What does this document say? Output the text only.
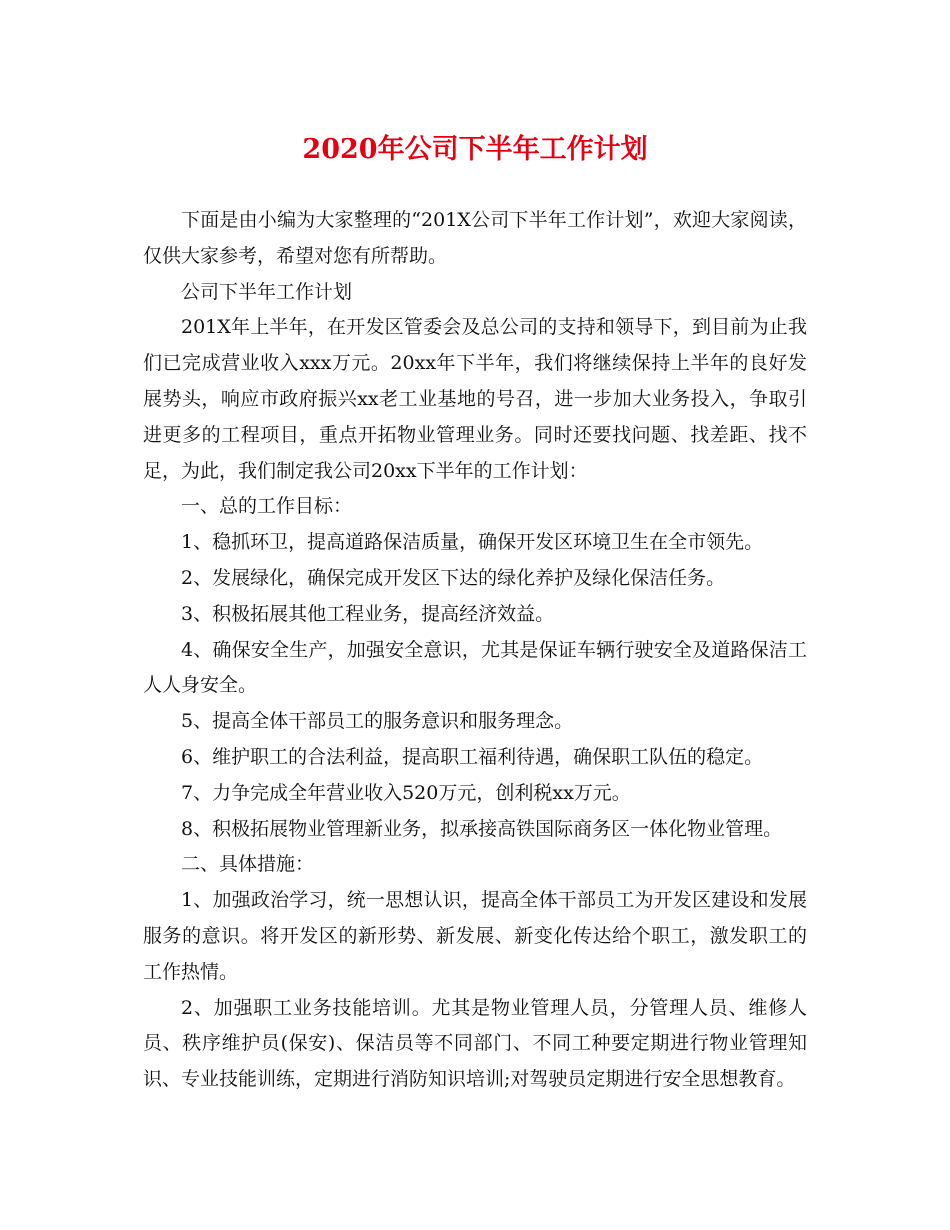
2020年公司下半年工作计划

下面是由小编为大家整理的“201X公司下半年工作计划”，欢迎大家阅读，仅供大家参考，希望对您有所帮助。

公司下半年工作计划

201X年上半年，在开发区管委会及总公司的支持和领导下，到目前为止我们已完成营业收入xxx万元。20xx年下半年，我们将继续保持上半年的良好发展势头，响应市政府振兴xx老工业基地的号召，进一步加大业务投入，争取引进更多的工程项目，重点开拓物业管理业务。同时还要找问题、找差距、找不足，为此，我们制定我公司20xx下半年的工作计划：

一、总的工作目标：

1、稳抓环卫，提高道路保洁质量，确保开发区环境卫生在全市领先。

2、发展绿化，确保完成开发区下达的绿化养护及绿化保洁任务。

3、积极拓展其他工程业务，提高经济效益。

4、确保安全生产，加强安全意识，尤其是保证车辆行驶安全及道路保洁工人人身安全。

5、提高全体干部员工的服务意识和服务理念。

6、维护职工的合法利益，提高职工福利待遇，确保职工队伍的稳定。

7、力争完成全年营业收入520万元，创利税xx万元。

8、积极拓展物业管理新业务，拟承接高铁国际商务区一体化物业管理。

二、具体措施：

1、加强政治学习，统一思想认识，提高全体干部员工为开发区建设和发展服务的意识。将开发区的新形势、新发展、新变化传达给个职工，激发职工的工作热情。

2、加强职工业务技能培训。尤其是物业管理人员，分管理人员、维修人员、秩序维护员(保安)、保洁员等不同部门、不同工种要定期进行物业管理知识、专业技能训练，定期进行消防知识培训;对驾驶员定期进行安全思想教育。
